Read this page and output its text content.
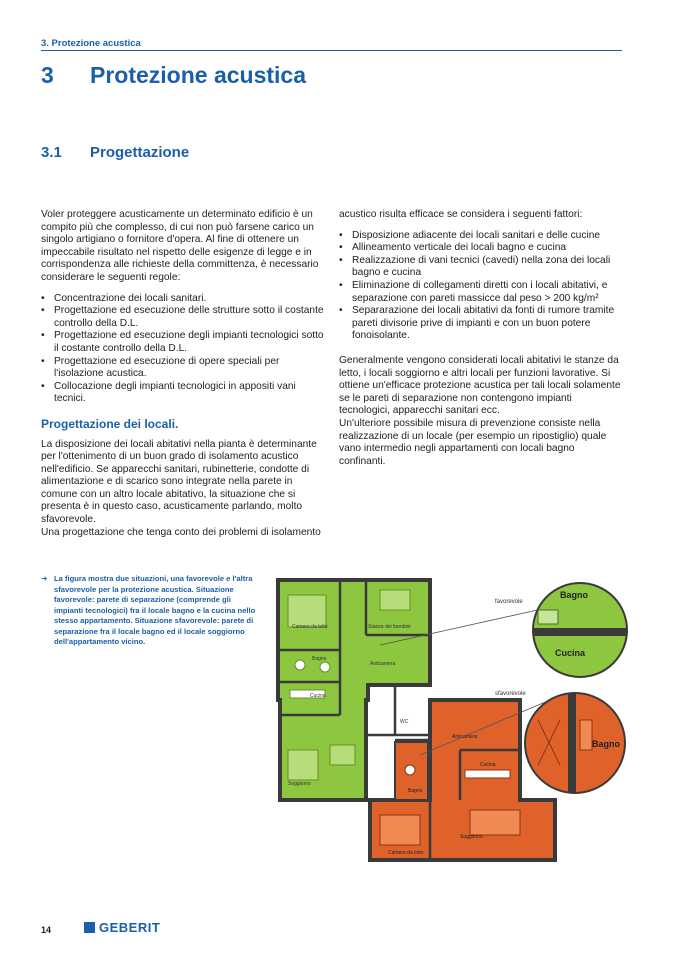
3. Protezione acustica
3 Protezione acustica
3.1 Progettazione

Voler proteggere acusticamente un determinato edificio è un compito più che complesso, di cui non può farsene carico un singolo artigiano o fornitore d'opera. Al fine di ottenere un impeccabile risultato nel rispetto delle esigenze di legge e in corrispondenza alle richieste della committenza, è necessario considerare le seguenti regole:

• Concentrazione dei locali sanitari.
• Progettazione ed esecuzione delle strutture sotto il costante controllo della D.L.
• Progettazione ed esecuzione degli impianti tecnologici sotto il costante controllo della D.L.
• Progettazione ed esecuzione di opere speciali per l'isolazione acustica.
• Collocazione degli impianti tecnologici in appositi vani tecnici.

Progettazione dei locali.

La disposizione dei locali abitativi nella pianta è determinante per l'ottenimento di un buon grado di isolamento acustico nell'edificio. Se apparecchi sanitari, rubinetterie, condotte di alimentazione e di scarico sono integrate nella parete in comune con un altro locale abitativo, la situazione che si presenta è in questo caso, acusticamente parlando, molto sfavorevole.

Una progettazione che tenga conto dei problemi di isolamento

acustico risulta efficace se considera i seguenti fattori:

• Disposizione adiacente dei locali sanitari e delle cucine
• Allineamento verticale dei locali bagno e cucina
• Realizzazione di vani tecnici (cavedi) nella zona dei locali bagno e cucina
• Eliminazione di collegamenti diretti con i locali abitativi, e separazione con pareti massicce dal peso > 200 kg/m²
• Separarazione dei locali abitativi da fonti di rumore tramite pareti divisorie prive di impianti e con un buon potere fonoisolante.

Generalmente vengono considerati locali abitativi le stanze da letto, i locali soggiorno e altri locali per funzioni lavorative. Si ottiene un'efficace protezione acustica per tali locali solamente se le pareti di separazione non contengono impianti tecnologici, apparecchi sanitari ecc.

Un'ulteriore possibile misura di prevenzione consiste nella realizzazione di un locale (per esempio un ripostiglio) quale vano intermedio negli appartamenti con locali bagno confinanti.

➔ La figura mostra due situazioni, una favorevole e l'altra sfavorevole per la protezione acustica. Situazione favorevole: parete di separazione (comprende gli impianti tecnologici) fra il locale bagno e la cucina nello stesso appartamento. Situazione sfavorevole: parete di separazione fra il locale bagno ed il locale soggiorno dell'appartamento vicino.
Camera da letto	Stanza dei bambini
Bagno
Anticamera
Cucina
WC
Soggiorno
Anticamera
Bagno
Cucina
Soggiorno
Camera da letto
favorevole
sfavorevole
Bagno
Cucina
Bagno
14	GEBERIT
